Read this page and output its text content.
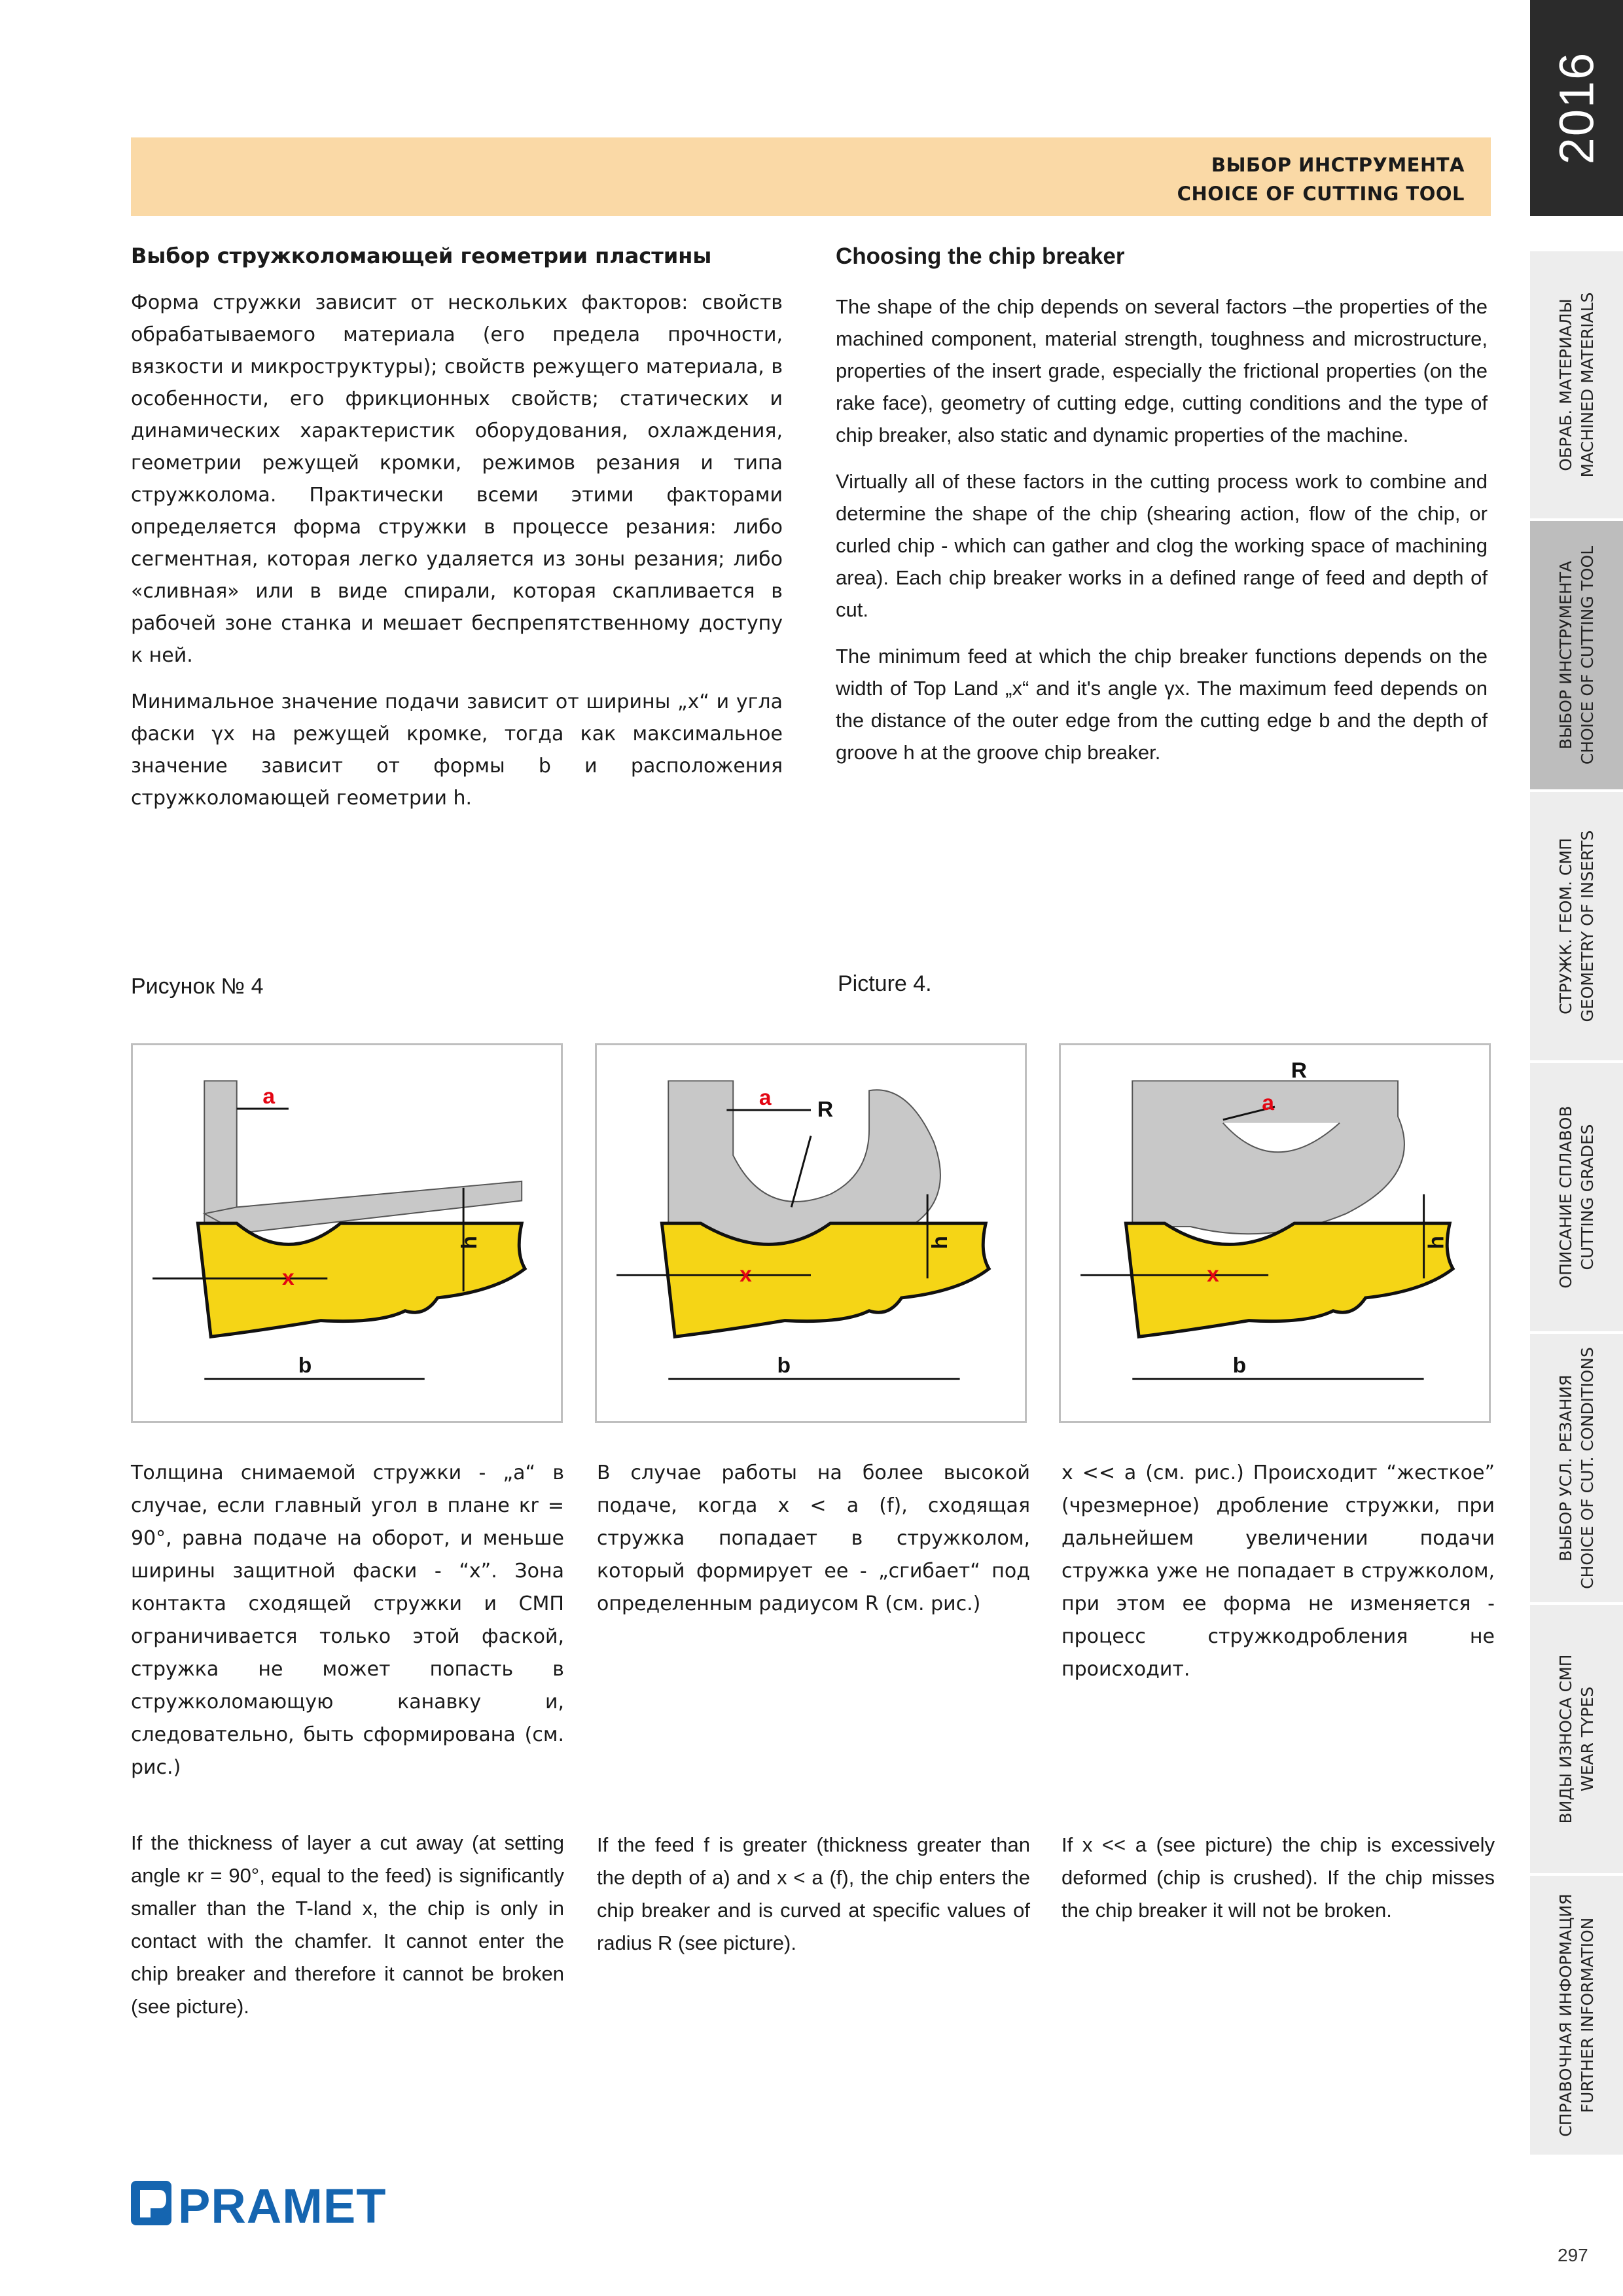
ВЫБОР ИНСТРУМЕНТА
CHOICE OF CUTTING TOOL
2016
ОБРАБ. МАТЕРИАЛЫ MACHINED MATERIALS
ВЫБОР ИНСТРУМЕНТА CHOICE OF CUTTING TOOL
СТРУЖК. ГЕОМ. СМП GEOMETRY OF INSERTS
ОПИСАНИЕ СПЛАВОВ CUTTING GRADES
ВЫБОР УСЛ. РЕЗАНИЯ CHOICE OF CUT. CONDITIONS
ВИДЫ ИЗНОСА СМП WEAR TYPES
СПРАВОЧНАЯ ИНФОРМАЦИЯ FURTHER INFORMATION
Выбор стружколомающей геометрии пластины	Choosing the chip breaker

Форма стружки зависит от нескольких факторов: свойств обрабатываемого материала (его предела прочности, вязкости и микроструктуры); свойств режущего материала, в особенности, его фрикционных свойств; статических и динамических характеристик оборудования, охлаждения, геометрии режущей кромки, режимов резания и типа стружколома. Практически всеми этими факторами определяется форма стружки в процессе резания: либо сегментная, которая легко удаляется из зоны резания; либо «сливная» или в виде спирали, которая скапливается в рабочей зоне станка и мешает беспрепятственному доступу к ней.

Минимальное значение подачи зависит от ширины „x“ и угла фаски γx на режущей кромке, тогда как максимальное значение зависит от формы b и расположения стружколомающей геометрии h.

The shape of the chip depends on several factors –the properties of the machined component, material strength, toughness and microstructure, properties of the insert grade, especially the frictional properties (on the rake face), geometry of cutting edge, cutting conditions and the type of chip breaker, also static and dynamic properties of the machine.

Virtually all of these factors in the cutting process work to combine and determine the shape of the chip (shearing action, flow of the chip, or curled chip - which can gather and clog the working space of machining area). Each chip breaker works in a defined range of feed and depth of cut.

The minimum feed at which the chip breaker functions depends on the width of Top Land „x“ and it's angle γx. The maximum feed depends on the distance of the outer edge from the cutting edge b and the depth of groove h at the groove chip breaker.

Рисунок № 4	Picture 4.
a
x
b
h
a R
x
b
h
a
R
x
b
h
Толщина снимаемой стружки - „a“ в случае, если главный угол в плане κr = 90°, равна подаче на оборот, и меньше ширины защитной фаски - “x”. Зона контакта сходящей стружки и СМП ограничивается только этой фаской, стружка не может попасть в стружколомающую канавку и, следовательно, быть сформирована (см. рис.)
В случае работы на более высокой подаче, когда x < a (f), сходящая стружка попадает в стружколом, который формирует ее - „сгибает“ под определенным радиусом R (см. рис.)
x << a (см. рис.) Происходит “жесткое” (чрезмерное) дробление стружки, при дальнейшем увеличении подачи стружка уже не попадает в стружколом, при этом ее форма не изменяется - процесс стружкодробления не происходит.
If the thickness of layer a cut away (at setting angle κr = 90°, equal to the feed) is significantly smaller than the T-land x, the chip is only in contact with the chamfer. It cannot enter the chip breaker and therefore it cannot be broken (see picture).
If the feed f is greater (thickness greater than the depth of a) and x < a (f), the chip enters the chip breaker and is curved at specific values of radius R (see picture).
If x << a (see picture) the chip is excessively deformed (chip is crushed). If the chip misses the chip breaker it will not be broken.
PRAMET
297
